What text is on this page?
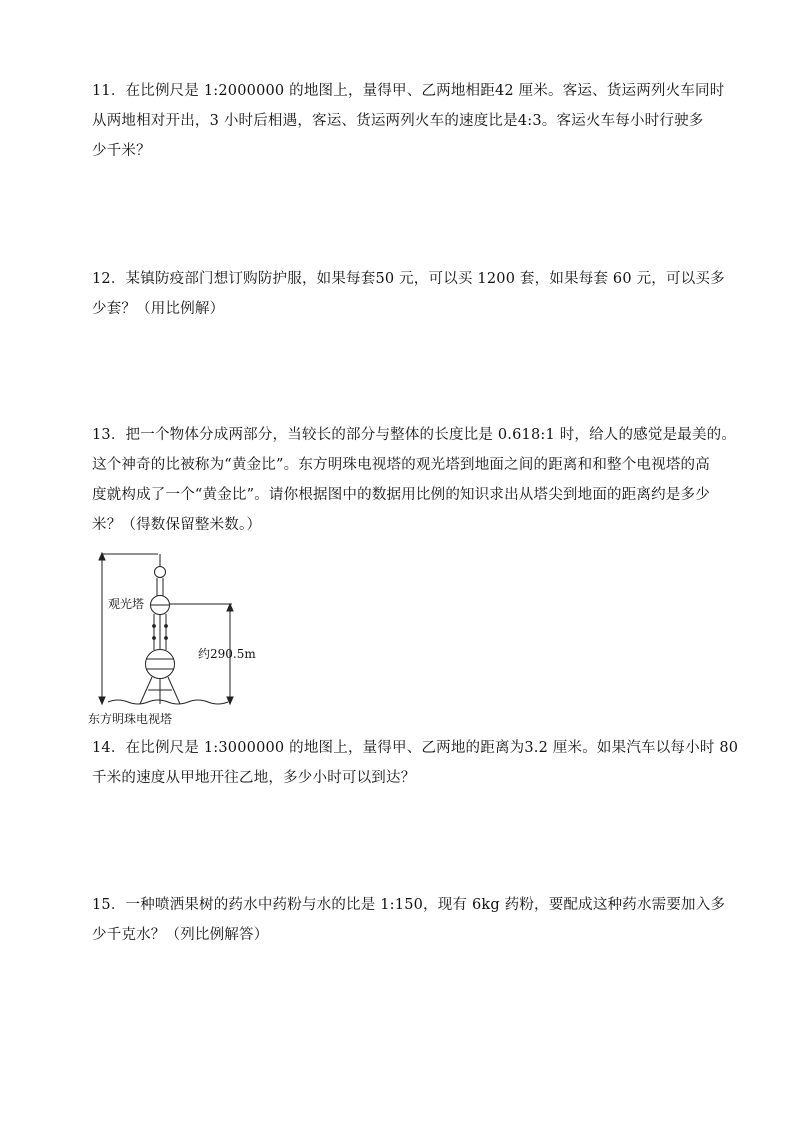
11．在比例尺是 1:2000000 的地图上，量得甲、乙两地相距42 厘米。客运、货运两列火车同时
从两地相对开出，3 小时后相遇，客运、货运两列火车的速度比是4:3。客运火车每小时行驶多
少千米？
12．某镇防疫部门想订购防护服，如果每套50 元，可以买 1200 套，如果每套 60 元，可以买多
少套？（用比例解）
13．把一个物体分成两部分，当较长的部分与整体的长度比是 0.618:1 时，给人的感觉是最美的。
这个神奇的比被称为“黄金比”。东方明珠电视塔的观光塔到地面之间的距离和和整个电视塔的高
度就构成了一个“黄金比”。请你根据图中的数据用比例的知识求出从塔尖到地面的距离约是多少
米？（得数保留整米数。）
观光塔
约290.5m
东方明珠电视塔
14．在比例尺是 1:3000000 的地图上，量得甲、乙两地的距离为3.2 厘米。如果汽车以每小时 80
千米的速度从甲地开往乙地，多少小时可以到达？
15．一种喷洒果树的药水中药粉与水的比是 1:150，现有 6kg 药粉，要配成这种药水需要加入多
少千克水？（列比例解答）
